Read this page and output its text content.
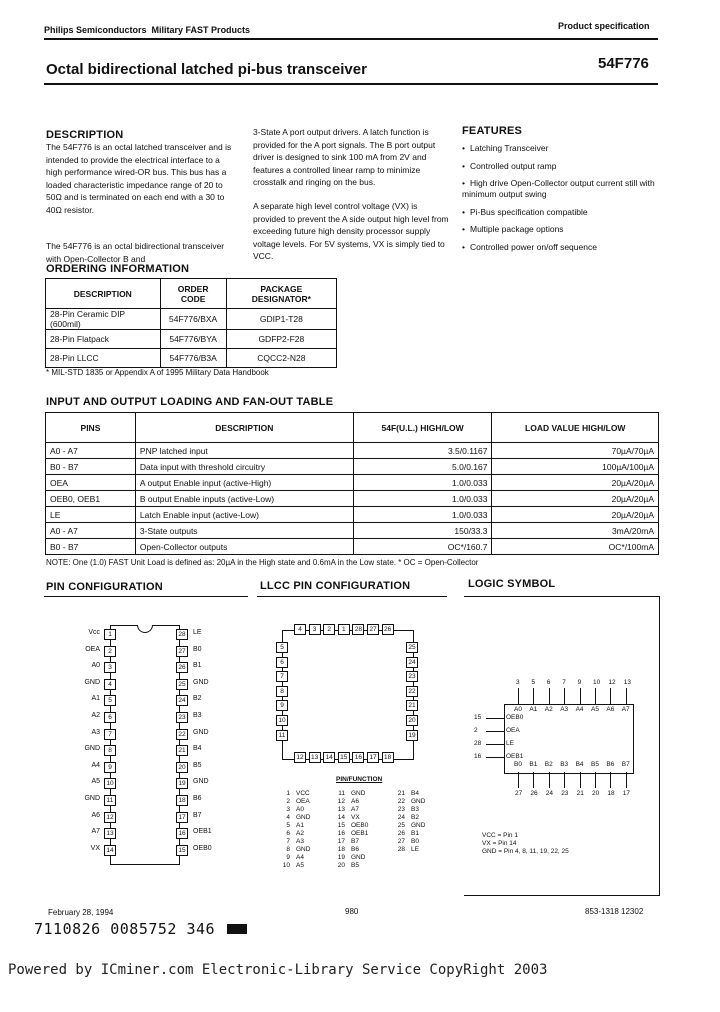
Philips Semiconductors Military FAST Products	Product specification
Octal bidirectional latched pi-bus transceiver	54F776
DESCRIPTION
The 54F776 is an octal latched transceiver and is intended to provide the electrical interface to a high performance wired-OR bus. This bus has a loaded characteristic impedance range of 20 to 50Ω and is terminated on each end with a 30 to 40Ω resistor.
The 54F776 is an octal bidirectional transceiver with Open-Collector B and
3-State A port output drivers. A latch function is provided for the A port signals. The B port output driver is designed to sink 100 mA from 2V and features a controlled linear ramp to minimize crosstalk and ringing on the bus.
A separate high level control voltage (VX) is provided to prevent the A side output high level from exceeding future high density processor supply voltage levels. For 5V systems, VX is simply tied to VCC.
FEATURES
• Latching Transceiver
• Controlled output ramp
• High drive Open-Collector output current still with minimum output swing
• Pi-Bus specification compatible
• Multiple package options
• Controlled power on/off sequence
ORDERING INFORMATION
DESCRIPTION	ORDER CODE	PACKAGE DESIGNATOR*
28-Pin Ceramic DIP (600mil)	54F776/BXA	GDIP1-T28
28-Pin Flatpack	54F776/BYA	GDFP2-F28
28-Pin LLCC	54F776/B3A	CQCC2-N28
* MIL-STD 1835 or Appendix A of 1995 Military Data Handbook
INPUT AND OUTPUT LOADING AND FAN-OUT TABLE
PINS	DESCRIPTION	54F(U.L.) HIGH/LOW	LOAD VALUE HIGH/LOW
A0 - A7	PNP latched input	3.5/0.1167	70µA/70µA
B0 - B7	Data input with threshold circuitry	5.0/0.167	100µA/100µA
OEA	A output Enable input (active-High)	1.0/0.033	20µA/20µA
OEB0, OEB1	B output Enable inputs (active-Low)	1.0/0.033	20µA/20µA
LE	Latch Enable input (active-Low)	1.0/0.033	20µA/20µA
A0 - A7	3-State outputs	150/33.3	3mA/20mA
B0 - B7	Open-Collector outputs	OC*/160.7	OC*/100mA
NOTE: One (1.0) FAST Unit Load is defined as: 20µA in the High state and 0.6mA in the Low state. * OC = Open-Collector
PIN CONFIGURATION
Vcc	1
OEA	2
A0	3
GND	4
A1	5
A2	6
A3	7
GND	8
A4	9
A5 10
GND	11
A6 12
A7 13
VX 14
28	LE
27	B0
26	B1
25	GND
24	B2
23	B3
22	GND
21	B4
20	B5
19	GND
18	B6
17	B7
16	OEB1
15	OEB0
LLCC PIN CONFIGURATION
4	3	2	1	28	27	26
12	13	14	15	16	17	18
5
6
7
8
9
10
11
25
24
23
22
21
20
19
PIN/FUNCTION
1 VCC	11 GND	21 B4
2 OEA	12 A6	22 GND
3 A0	13 A7	23 B3
4 GND	14 VX	24 B2
5 A1	15 OEB0	25 GND
6 A2	16 OEB1	26 B1
7 A3	17 B7	27 B0
8 GND	18 B6	28 LE
9 A4	19 GND
10 A5	20 B5
LOGIC SYMBOL
3
A0
5
A1
6
A2
7
A3
9
A4
10
A5
12
A6
13
A7
B0
27
B1
26
B2
24
B3
23
B4
21
B5
20
B6
18
B7
17
15	OEB0
2	OEA
28	LE
16	OEB1
VCC = Pin 1
VX = Pin 14
GND = Pin 4, 8, 11, 19, 22, 25
February 28, 1994	980	853-1318 12302
7110826 0085752 346
Powered by ICminer.com Electronic-Library Service CopyRight 2003
